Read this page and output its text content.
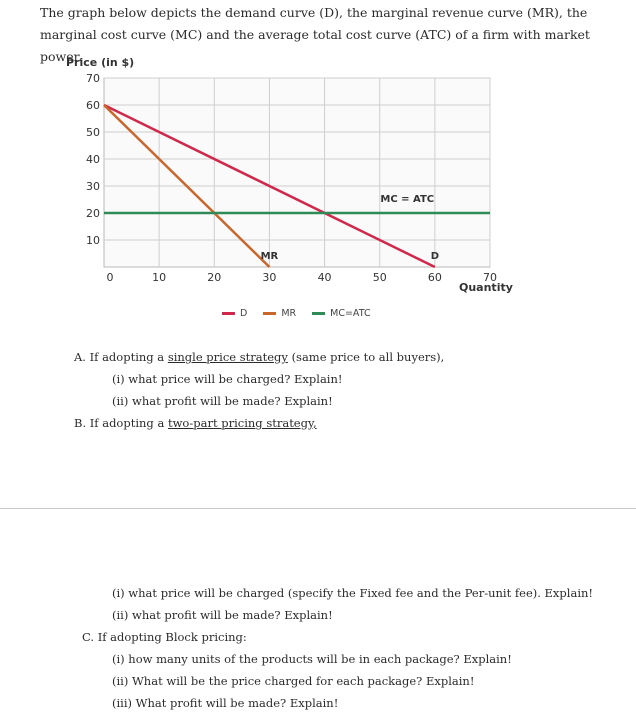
The graph below depicts the demand curve (D), the marginal revenue curve (MR), the marginal cost curve (MC) and the average total cost curve (ATC) of a firm with market power.
10
20
30
40
50
60
70
0	10	20	30	40	50	60	70
Price (in $)
Quantity
MC = ATC
MR	D
D	MR	MC=ATC
A. If adopting a single price strategy (same price to all buyers),
(i) what price will be charged? Explain!
(ii) what profit will be made? Explain!
B. If adopting a two-part pricing strategy,
(i) what price will be charged (specify the Fixed fee and the Per-unit fee). Explain!
(ii) what profit will be made? Explain!
C. If adopting Block pricing:
(i) how many units of the products will be in each package? Explain!
(ii) What will be the price charged for each package? Explain!
(iii) What profit will be made? Explain!
